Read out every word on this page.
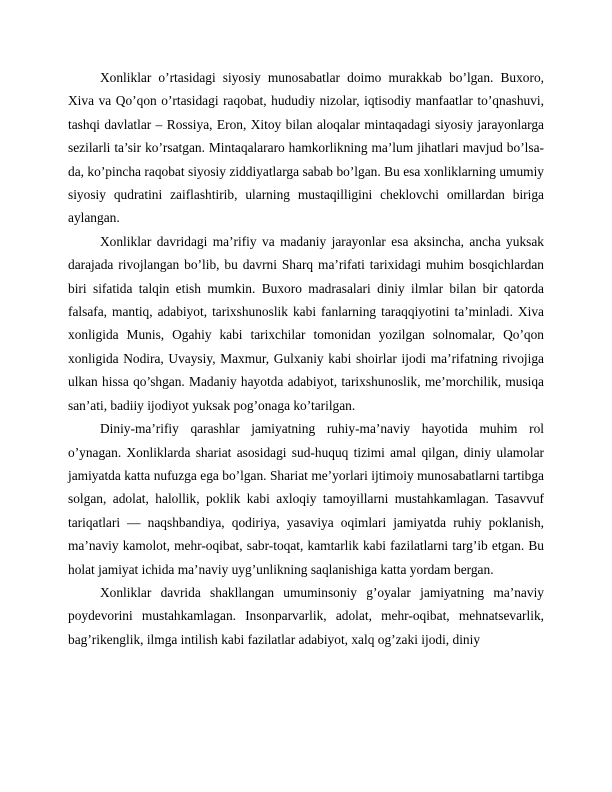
Xonliklar o’rtasidagi siyosiy munosabatlar doimo murakkab bo’lgan. Buxoro, Xiva va Qo’qon o’rtasidagi raqobat, hududiy nizolar, iqtisodiy manfaatlar to’qnashuvi, tashqi davlatlar – Rossiya, Eron, Xitoy bilan aloqalar mintaqadagi siyosiy jarayonlarga sezilarli ta’sir ko’rsatgan. Mintaqalararo hamkorlikning ma’lum jihatlari mavjud bo’lsa-da, ko’pincha raqobat siyosiy ziddiyatlarga sabab bo’lgan. Bu esa xonliklarning umumiy siyosiy qudratini zaiflashtirib, ularning mustaqilligini cheklovchi omillardan biriga aylangan.

Xonliklar davridagi ma’rifiy va madaniy jarayonlar esa aksincha, ancha yuksak darajada rivojlangan bo’lib, bu davrni Sharq ma’rifati tarixidagi muhim bosqichlardan biri sifatida talqin etish mumkin. Buxoro madrasalari diniy ilmlar bilan bir qatorda falsafa, mantiq, adabiyot, tarixshunoslik kabi fanlarning taraqqiyotini ta’minladi. Xiva xonligida Munis, Ogahiy kabi tarixchilar tomonidan yozilgan solnomalar, Qo’qon xonligida Nodira, Uvaysiy, Maxmur, Gulxaniy kabi shoirlar ijodi ma’rifatning rivojiga ulkan hissa qo’shgan. Madaniy hayotda adabiyot, tarixshunoslik, me’morchilik, musiqa san’ati, badiiy ijodiyot yuksak pog’onaga ko’tarilgan.

Diniy-ma’rifiy qarashlar jamiyatning ruhiy-ma’naviy hayotida muhim rol o’ynagan. Xonliklarda shariat asosidagi sud-huquq tizimi amal qilgan, diniy ulamolar jamiyatda katta nufuzga ega bo’lgan. Shariat me’yorlari ijtimoiy munosabatlarni tartibga solgan, adolat, halollik, poklik kabi axloqiy tamoyillarni mustahkamlagan. Tasavvuf tariqatlari — naqshbandiya, qodiriya, yasaviya oqimlari jamiyatda ruhiy poklanish, ma’naviy kamolot, mehr-oqibat, sabr-toqat, kamtarlik kabi fazilatlarni targ’ib etgan. Bu holat jamiyat ichida ma’naviy uyg’unlikning saqlanishiga katta yordam bergan.

Xonliklar davrida shakllangan umuminsoniy g’oyalar jamiyatning ma’naviy poydevorini mustahkamlagan. Insonparvarlik, adolat, mehr-oqibat, mehnatsevarlik, bag’rikenglik, ilmga intilish kabi fazilatlar adabiyot, xalq og’zaki ijodi, diniy
